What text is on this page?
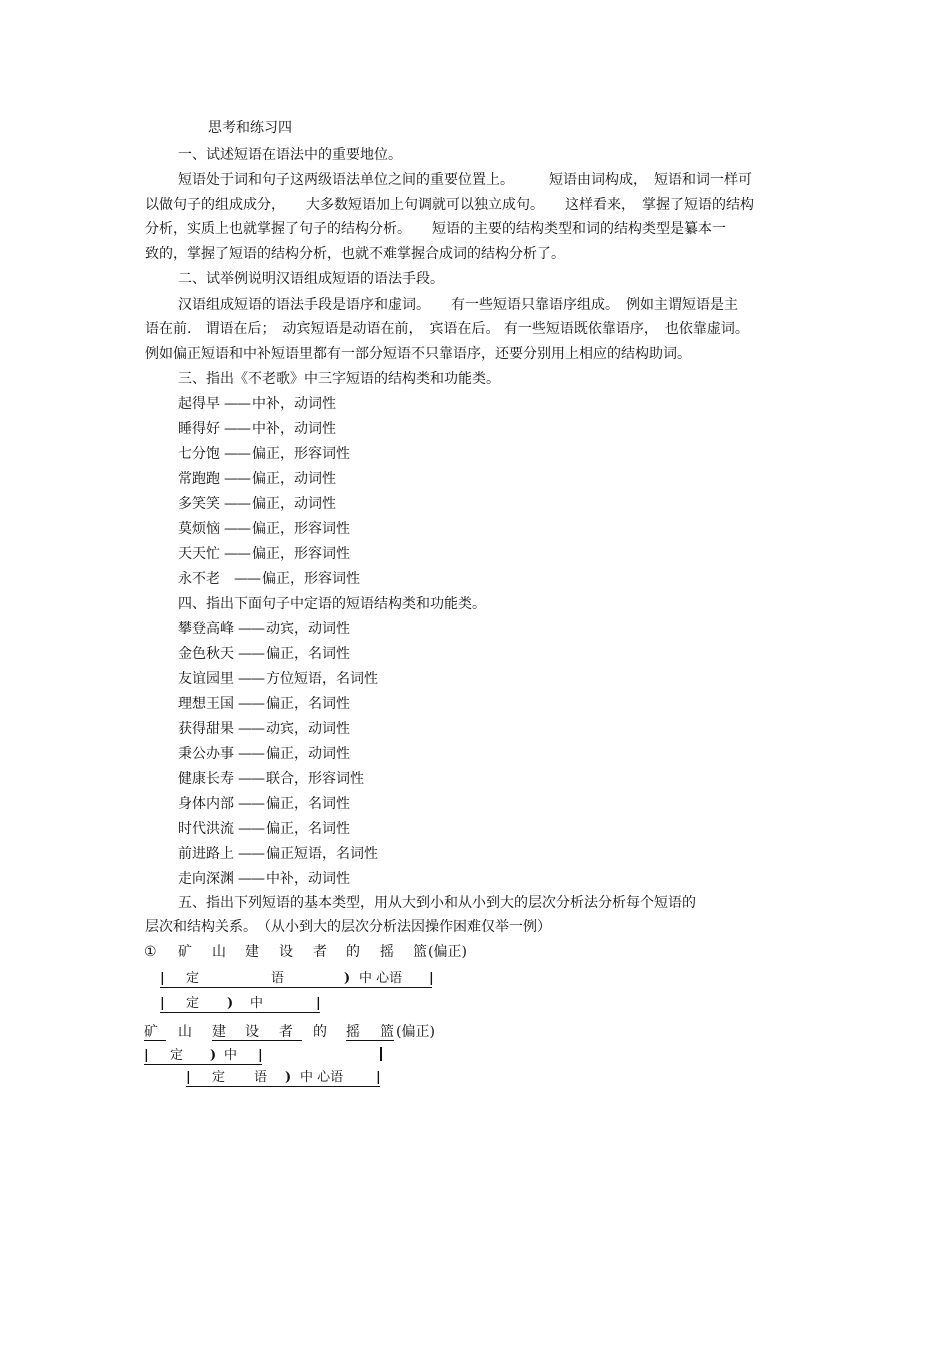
思考和练习四
一、试述短语在语法中的重要地位。
短语处于词和句子这两级语法单位之间的重要位置上。　　　短语由词构成，　短语和词一样可
以做句子的组成成分，　　大多数短语加上句调就可以独立成句。　　这样看来，　掌握了短语的结构
分析，实质上也就掌握了句子的结构分析。　　短语的主要的结构类型和词的结构类型是纂本一
致的，掌握了短语的结构分析，也就不难掌握合成词的结构分析了。
二、试举例说明汉语组成短语的语法手段。
汉语组成短语的语法手段是语序和虚词。　　有一些短语只靠语序组成。　例如主谓短语是主
语在前.　谓语在后；　动宾短语是动语在前，　宾语在后。 有一些短语既依靠语序，　也依靠虚词。
例如偏正短语和中补短语里都有一部分短语不只靠语序，还要分别用上相应的结构助词。
三、指出《不老歌》中三字短语的结构类和功能类。
起得早 —— 中补，动词性
睡得好 —— 中补，动词性
七分饱 —— 偏正，形容词性
常跑跑 —— 偏正，动词性
多笑笑 —— 偏正，动词性
莫烦恼 —— 偏正，形容词性
天天忙 —— 偏正，形容词性
永不老 —— 偏正，形容词性
四、指出下面句子中定语的短语结构类和功能类。
攀登高峰 —— 动宾，动词性
金色秋天 —— 偏正，名词性
友谊园里 —— 方位短语，名词性
理想王国 —— 偏正，名词性
获得甜果 —— 动宾，动词性
秉公办事 —— 偏正，动词性
健康长寿 —— 联合，形容词性
身体内部 —— 偏正，名词性
时代洪流 —— 偏正，名词性
前进路上 —— 偏正短语，名词性
走向深渊 —— 中补，动词性
五、指出下列短语的基本类型，用从大到小和从小到大的层次分析法分析每个短语的
层次和结构关系。　（从小到大的层次分析法因操作困难仅举一例）
① 矿 山 建 设 者 的 摇 篮 (偏正)
| 定	语	) 中 心语 |
| 定 ) 中	|
矿 山 建 设 者 的 摇 篮 (偏正)
| 定 ) 中 |
| 定 语 ) 中 心语	|
